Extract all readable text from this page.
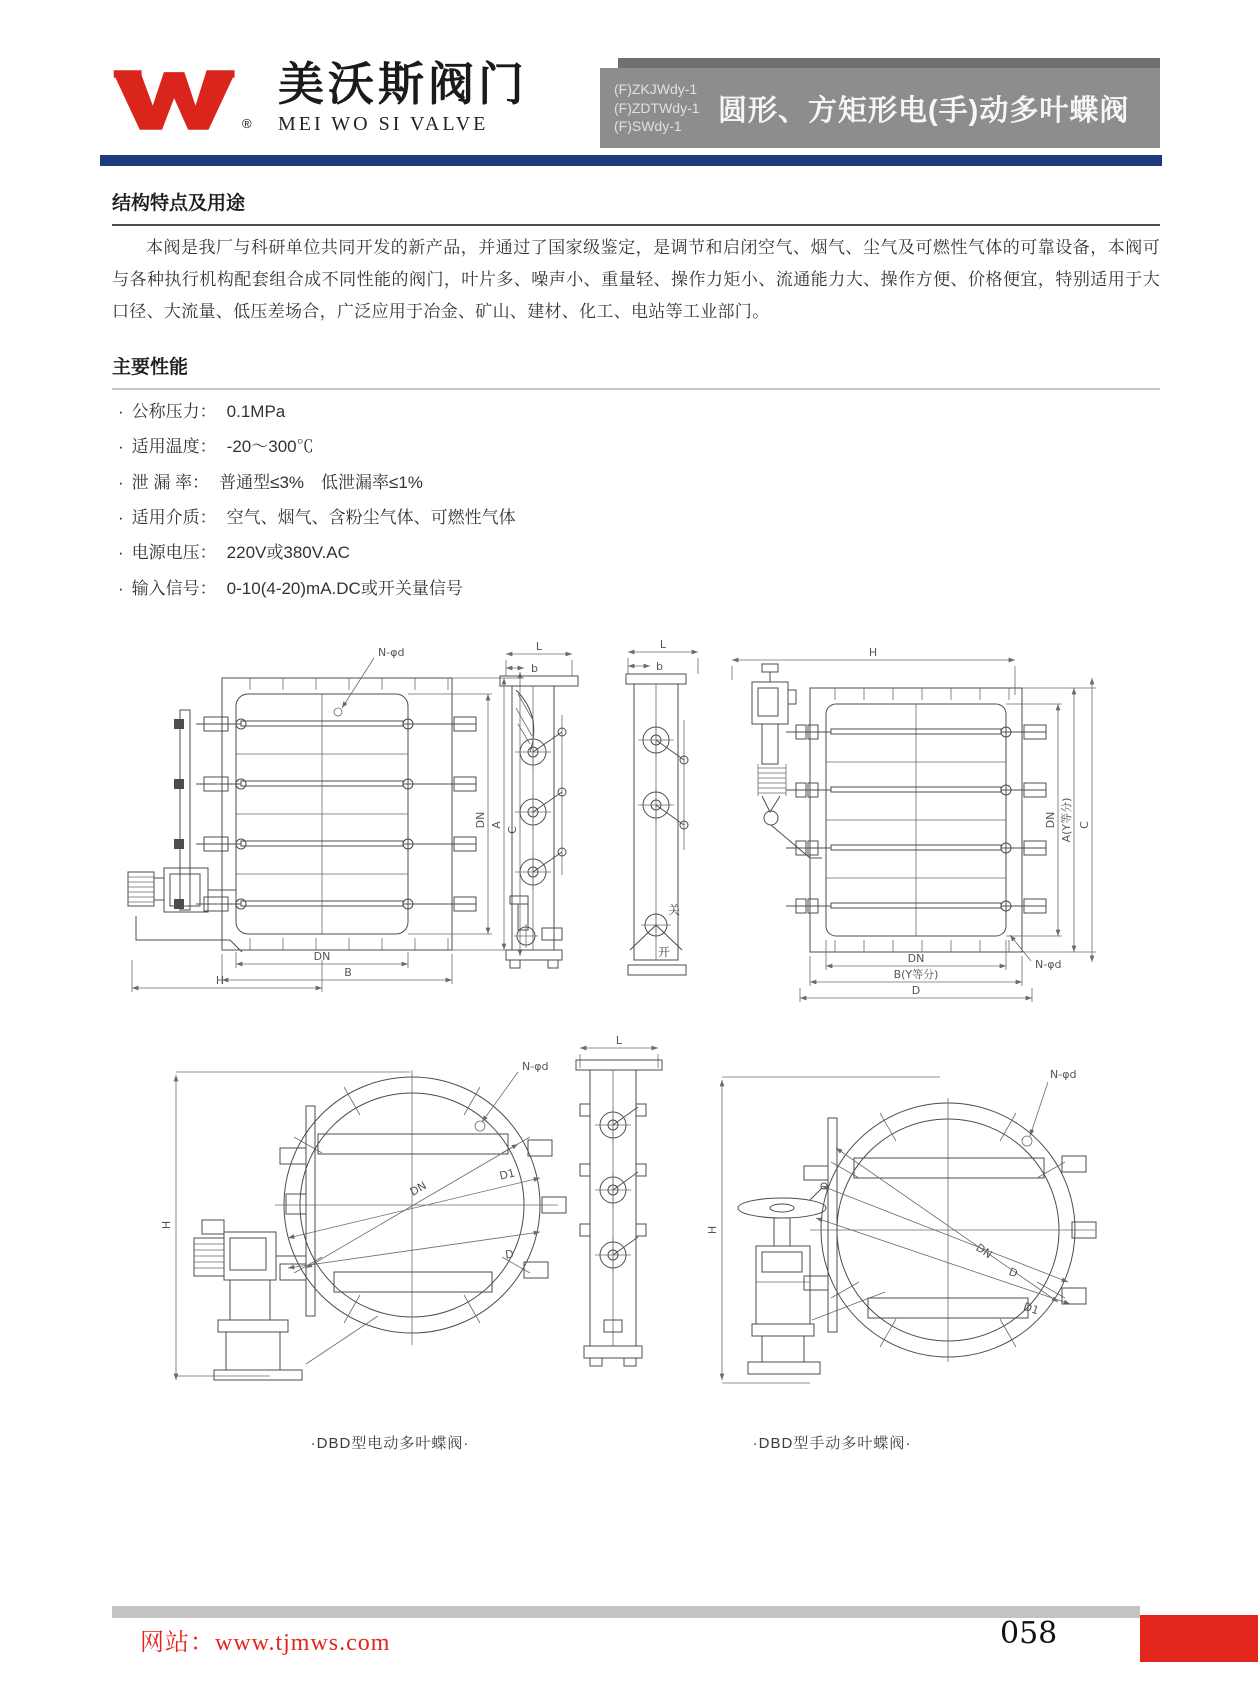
®
美沃斯阀门
MEI WO SI VALVE
(F)ZKJWdy-1
(F)ZDTWdy-1
(F)SWdy-1	圆形、方矩形电(手)动多叶蝶阀
结构特点及用途

本阀是我厂与科研单位共同开发的新产品，并通过了国家级鉴定，是调节和启闭空气、烟气、尘气及可燃性气体的可靠设备，本阀可与各种执行机构配套组合成不同性能的阀门，叶片多、噪声小、重量轻、操作力矩小、流通能力大、操作方便、价格便宜，特别适用于大口径、大流量、低压差场合，广泛应用于冶金、矿山、建材、化工、电站等工业部门。

主要性能
· 公称压力： 0.1MPa
· 适用温度： -20～300℃
· 泄 漏 率： 普通型≤3%　低泄漏率≤1%
· 适用介质： 空气、烟气、含粉尘气体、可燃性气体
· 电源电压： 220V或380V.AC
· 输入信号： 0-10(4-20)mA.DC或开关量信号
H
DN
B
DN A
C
N-φd	L
b
L
b
关
开
H
DN A(Y等分) C
DN
B(Y等分)
D
N-φd
H
DN
D1
D
N-φd
L
H
DN
D
D1
N-φd
·DBD型电动多叶蝶阀·	·DBD型手动多叶蝶阀·
网站：www.tjmws.com	058
